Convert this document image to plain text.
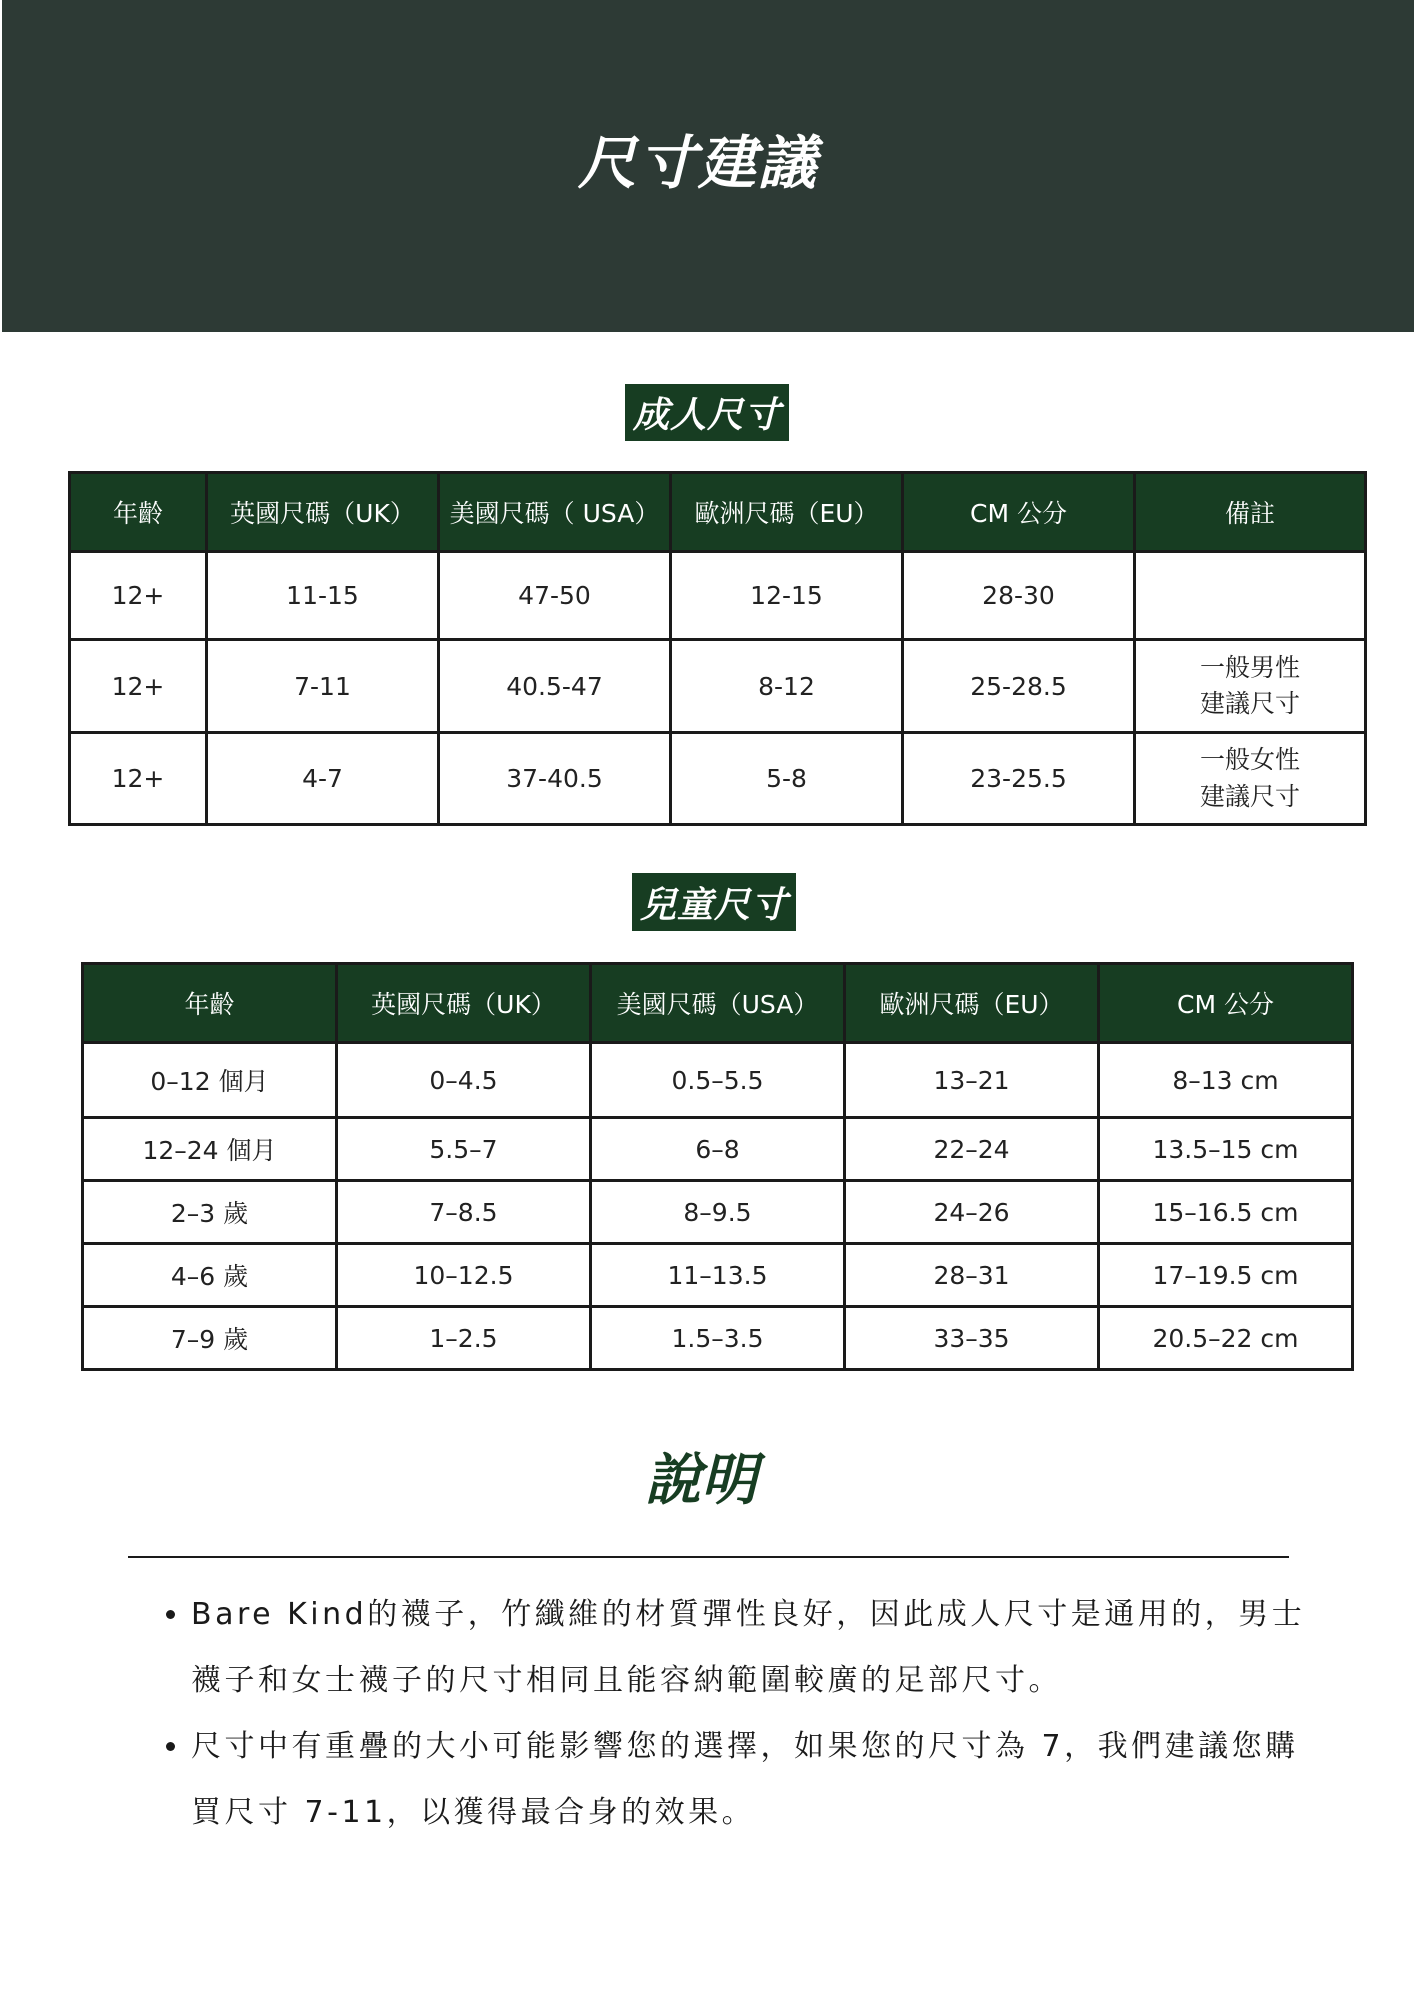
尺寸建議
成人尺寸
年齡	英國尺碼（UK）	美國尺碼（ USA）	歐洲尺碼（EU）	CM 公分	備註
12+	11-15	47-50	12-15	28-30	
12+	7-11	40.5-47	8-12	25-28.5	一般男性
建議尺寸
12+	4-7	37-40.5	5-8	23-25.5	一般女性
建議尺寸
兒童尺寸
年齡	英國尺碼（UK）	美國尺碼（USA）	歐洲尺碼（EU）	CM 公分
0–12 個月	0–4.5	0.5–5.5	13–21	8–13 cm
12–24 個月	5.5–7	6–8	22–24	13.5–15 cm
2–3 歲	7–8.5	8–9.5	24–26	15–16.5 cm
4–6 歲	10–12.5	11–13.5	28–31	17–19.5 cm
7–9 歲	1–2.5	1.5–3.5	33–35	20.5–22 cm
說明
• Bare Kind的襪子，竹纖維的材質彈性良好，因此成人尺寸是通用的，男士襪子和女士襪子的尺寸相同且能容納範圍較廣的足部尺寸。
• 尺寸中有重疊的大小可能影響您的選擇，如果您的尺寸為 7，我們建議您購買尺寸 7-11，以獲得最合身的效果。
